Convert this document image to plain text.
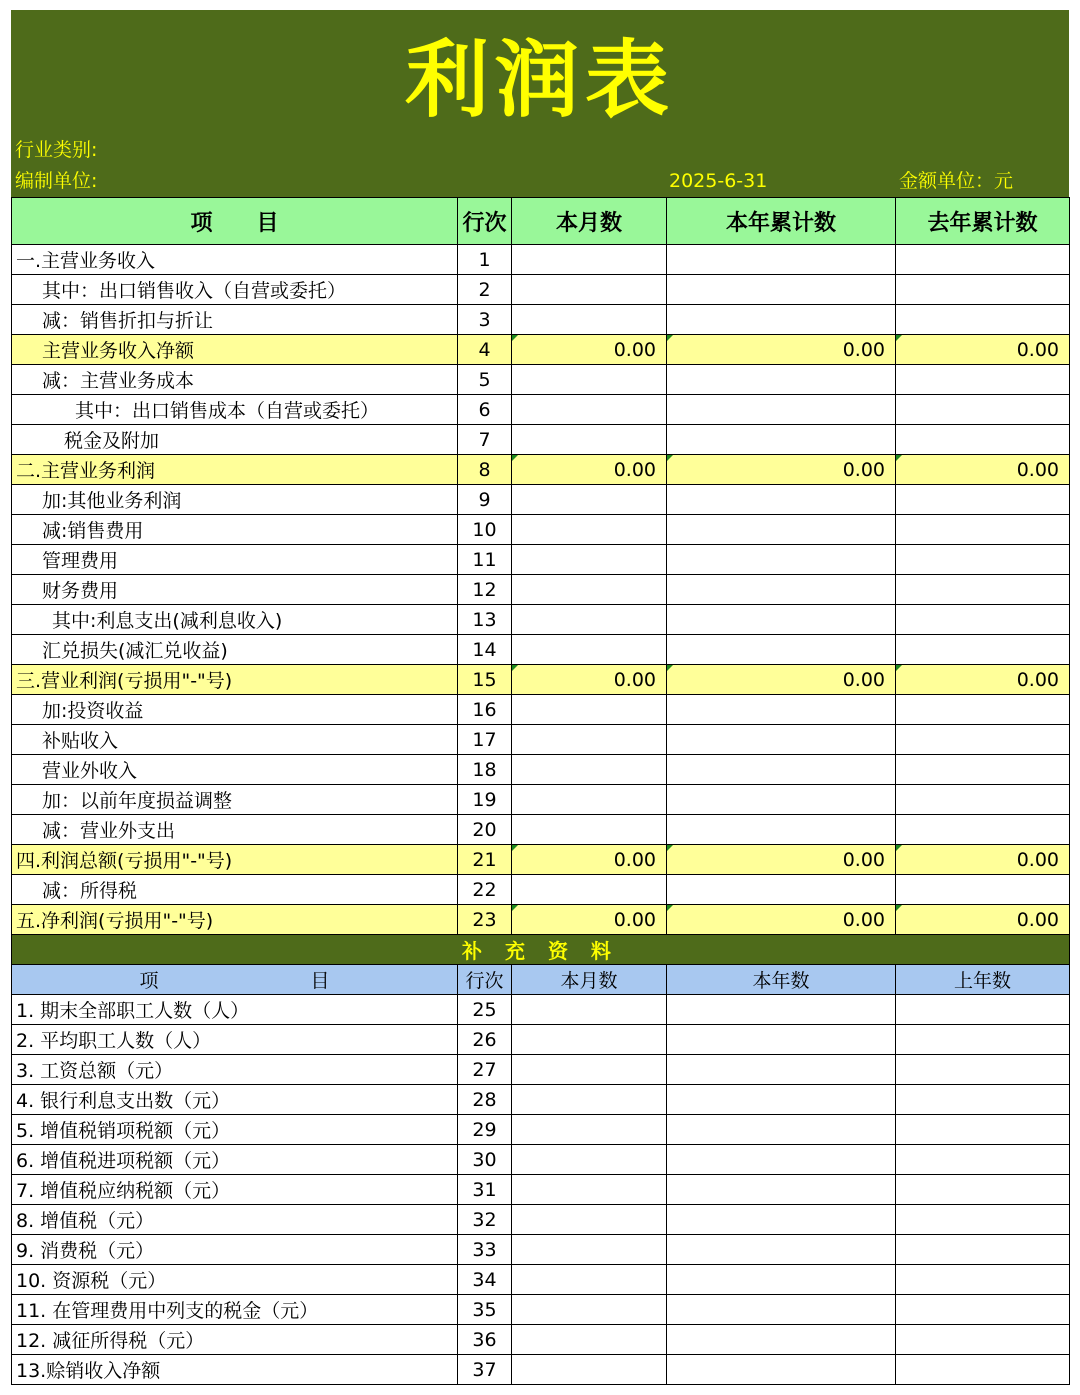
利润表
行业类别:
编制单位:	2025-6-31	金额单位：元
项　　目	行次	本月数	本年累计数	去年累计数
一.主营业务收入	1			
其中：出口销售收入（自营或委托）	2			
减：销售折扣与折让	3			
主营业务收入净额	4	0.00	0.00	0.00
减：主营业务成本	5			
其中：出口销售成本（自营或委托）	6			
税金及附加	7			
二.主营业务利润	8	0.00	0.00	0.00
加:其他业务利润	9			
减:销售费用	10			
管理费用	11			
财务费用	12			
其中:利息支出(减利息收入)	13			
汇兑损失(减汇兑收益)	14			
三.营业利润(亏损用"-"号)	15	0.00	0.00	0.00
加:投资收益	16			
补贴收入	17			
营业外收入	18			
加：以前年度损益调整	19			
减：营业外支出	20			
四.利润总额(亏损用"-"号)	21	0.00	0.00	0.00
减：所得税	22			
五.净利润(亏损用"-"号)	23	0.00	0.00	0.00
补 充 资 料				
项　　　　　　　　目	行次	本月数	本年数	上年数
1. 期末全部职工人数（人）	25			
2. 平均职工人数（人）	26			
3. 工资总额（元）	27			
4. 银行利息支出数（元）	28			
5. 增值税销项税额（元）	29			
6. 增值税进项税额（元）	30			
7. 增值税应纳税额（元）	31			
8. 增值税（元）	32			
9. 消费税（元）	33			
10. 资源税（元）	34			
11. 在管理费用中列支的税金（元）	35			
12. 减征所得税（元）	36			
13.赊销收入净额	37			
